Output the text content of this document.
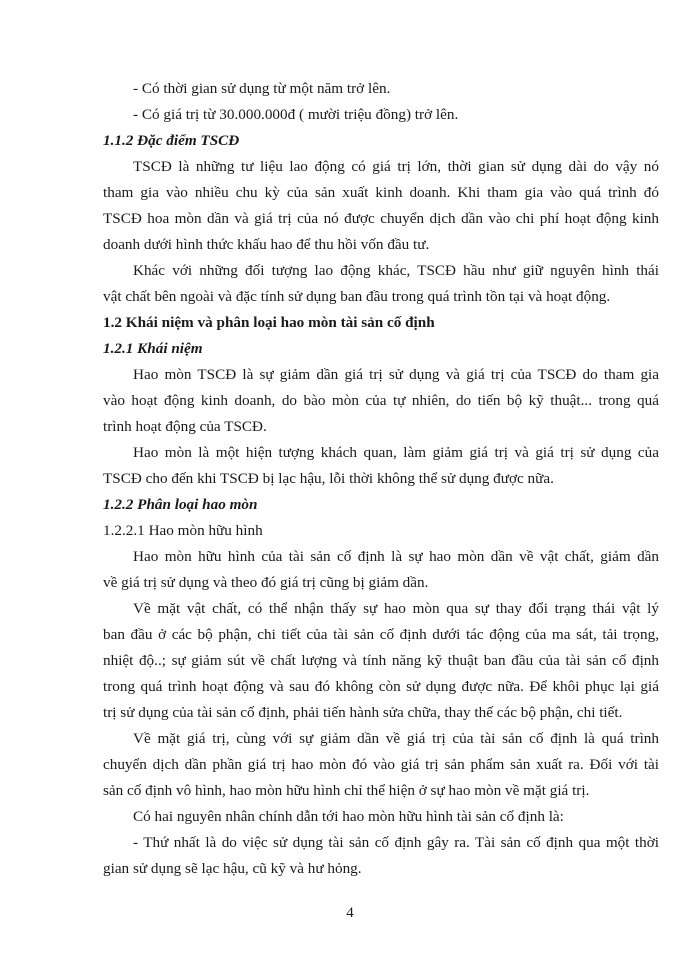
- Có thời gian sử dụng từ một năm trở lên.

- Có giá trị từ 30.000.000đ ( mười triệu đồng) trở lên.

1.1.2 Đặc điểm TSCĐ

TSCĐ là những tư liệu lao động có giá trị lớn, thời gian sử dụng dài do vậy nó

tham gia vào nhiều chu kỳ của sản xuất kinh doanh. Khi tham gia vào quá trình đó

TSCĐ hoa mòn dần và giá trị của nó được chuyển dịch dần vào chi phí hoạt động kinh

doanh dưới hình thức khấu hao để thu hồi vốn đầu tư.

Khác với những đối tượng lao động khác, TSCĐ hầu như giữ nguyên hình thái

vật chất bên ngoài và đặc tính sử dụng ban đầu trong quá trình tồn tại và hoạt động.

1.2 Khái niệm và phân loại hao mòn tài sản cố định

1.2.1 Khái niệm

Hao mòn TSCĐ là sự giảm dần giá trị sử dụng và giá trị của TSCĐ do tham gia

vào hoạt động kinh doanh, do bào mòn của tự nhiên, do tiến bộ kỹ thuật... trong quá

trình hoạt động của TSCĐ.

Hao mòn là một hiện tượng khách quan, làm giảm giá trị và giá trị sử dụng của

TSCĐ cho đến khi TSCĐ bị lạc hậu, lỗi thời không thể sử dụng được nữa.

1.2.2 Phân loại hao mòn

1.2.2.1 Hao mòn hữu hình

Hao mòn hữu hình của tài sản cố định là sự hao mòn dần về vật chất, giảm dần

về giá trị sử dụng và theo đó giá trị cũng bị giảm dần.

Về mặt vật chất, có thể nhận thấy sự hao mòn qua sự thay đổi trạng thái vật lý

ban đầu ở các bộ phận, chi tiết của tài sản cố định dưới tác động của ma sát, tải trọng,

nhiệt độ..; sự giảm sút về chất lượng và tính năng kỹ thuật ban đầu của tài sản cố định

trong quá trình hoạt động và sau đó không còn sử dụng được nữa. Để khôi phục lại giá

trị sử dụng của tài sản cố định, phải tiến hành sửa chữa, thay thế các bộ phận, chi tiết.

Về mặt giá trị, cùng với sự giảm dần về giá trị của tài sản cố định là quá trình

chuyển dịch dần phần giá trị hao mòn đó vào giá trị sản phẩm sản xuất ra. Đối với tài

sản cố định vô hình, hao mòn hữu hình chỉ thể hiện ở sự hao mòn về mặt giá trị.

Có hai nguyên nhân chính dẫn tới hao mòn hữu hình tài sản cố định là:

- Thứ nhất là do việc sử dụng tài sản cố định gây ra. Tài sản cố định qua một thời

gian sử dụng sẽ lạc hậu, cũ kỹ và hư hỏng.

4
